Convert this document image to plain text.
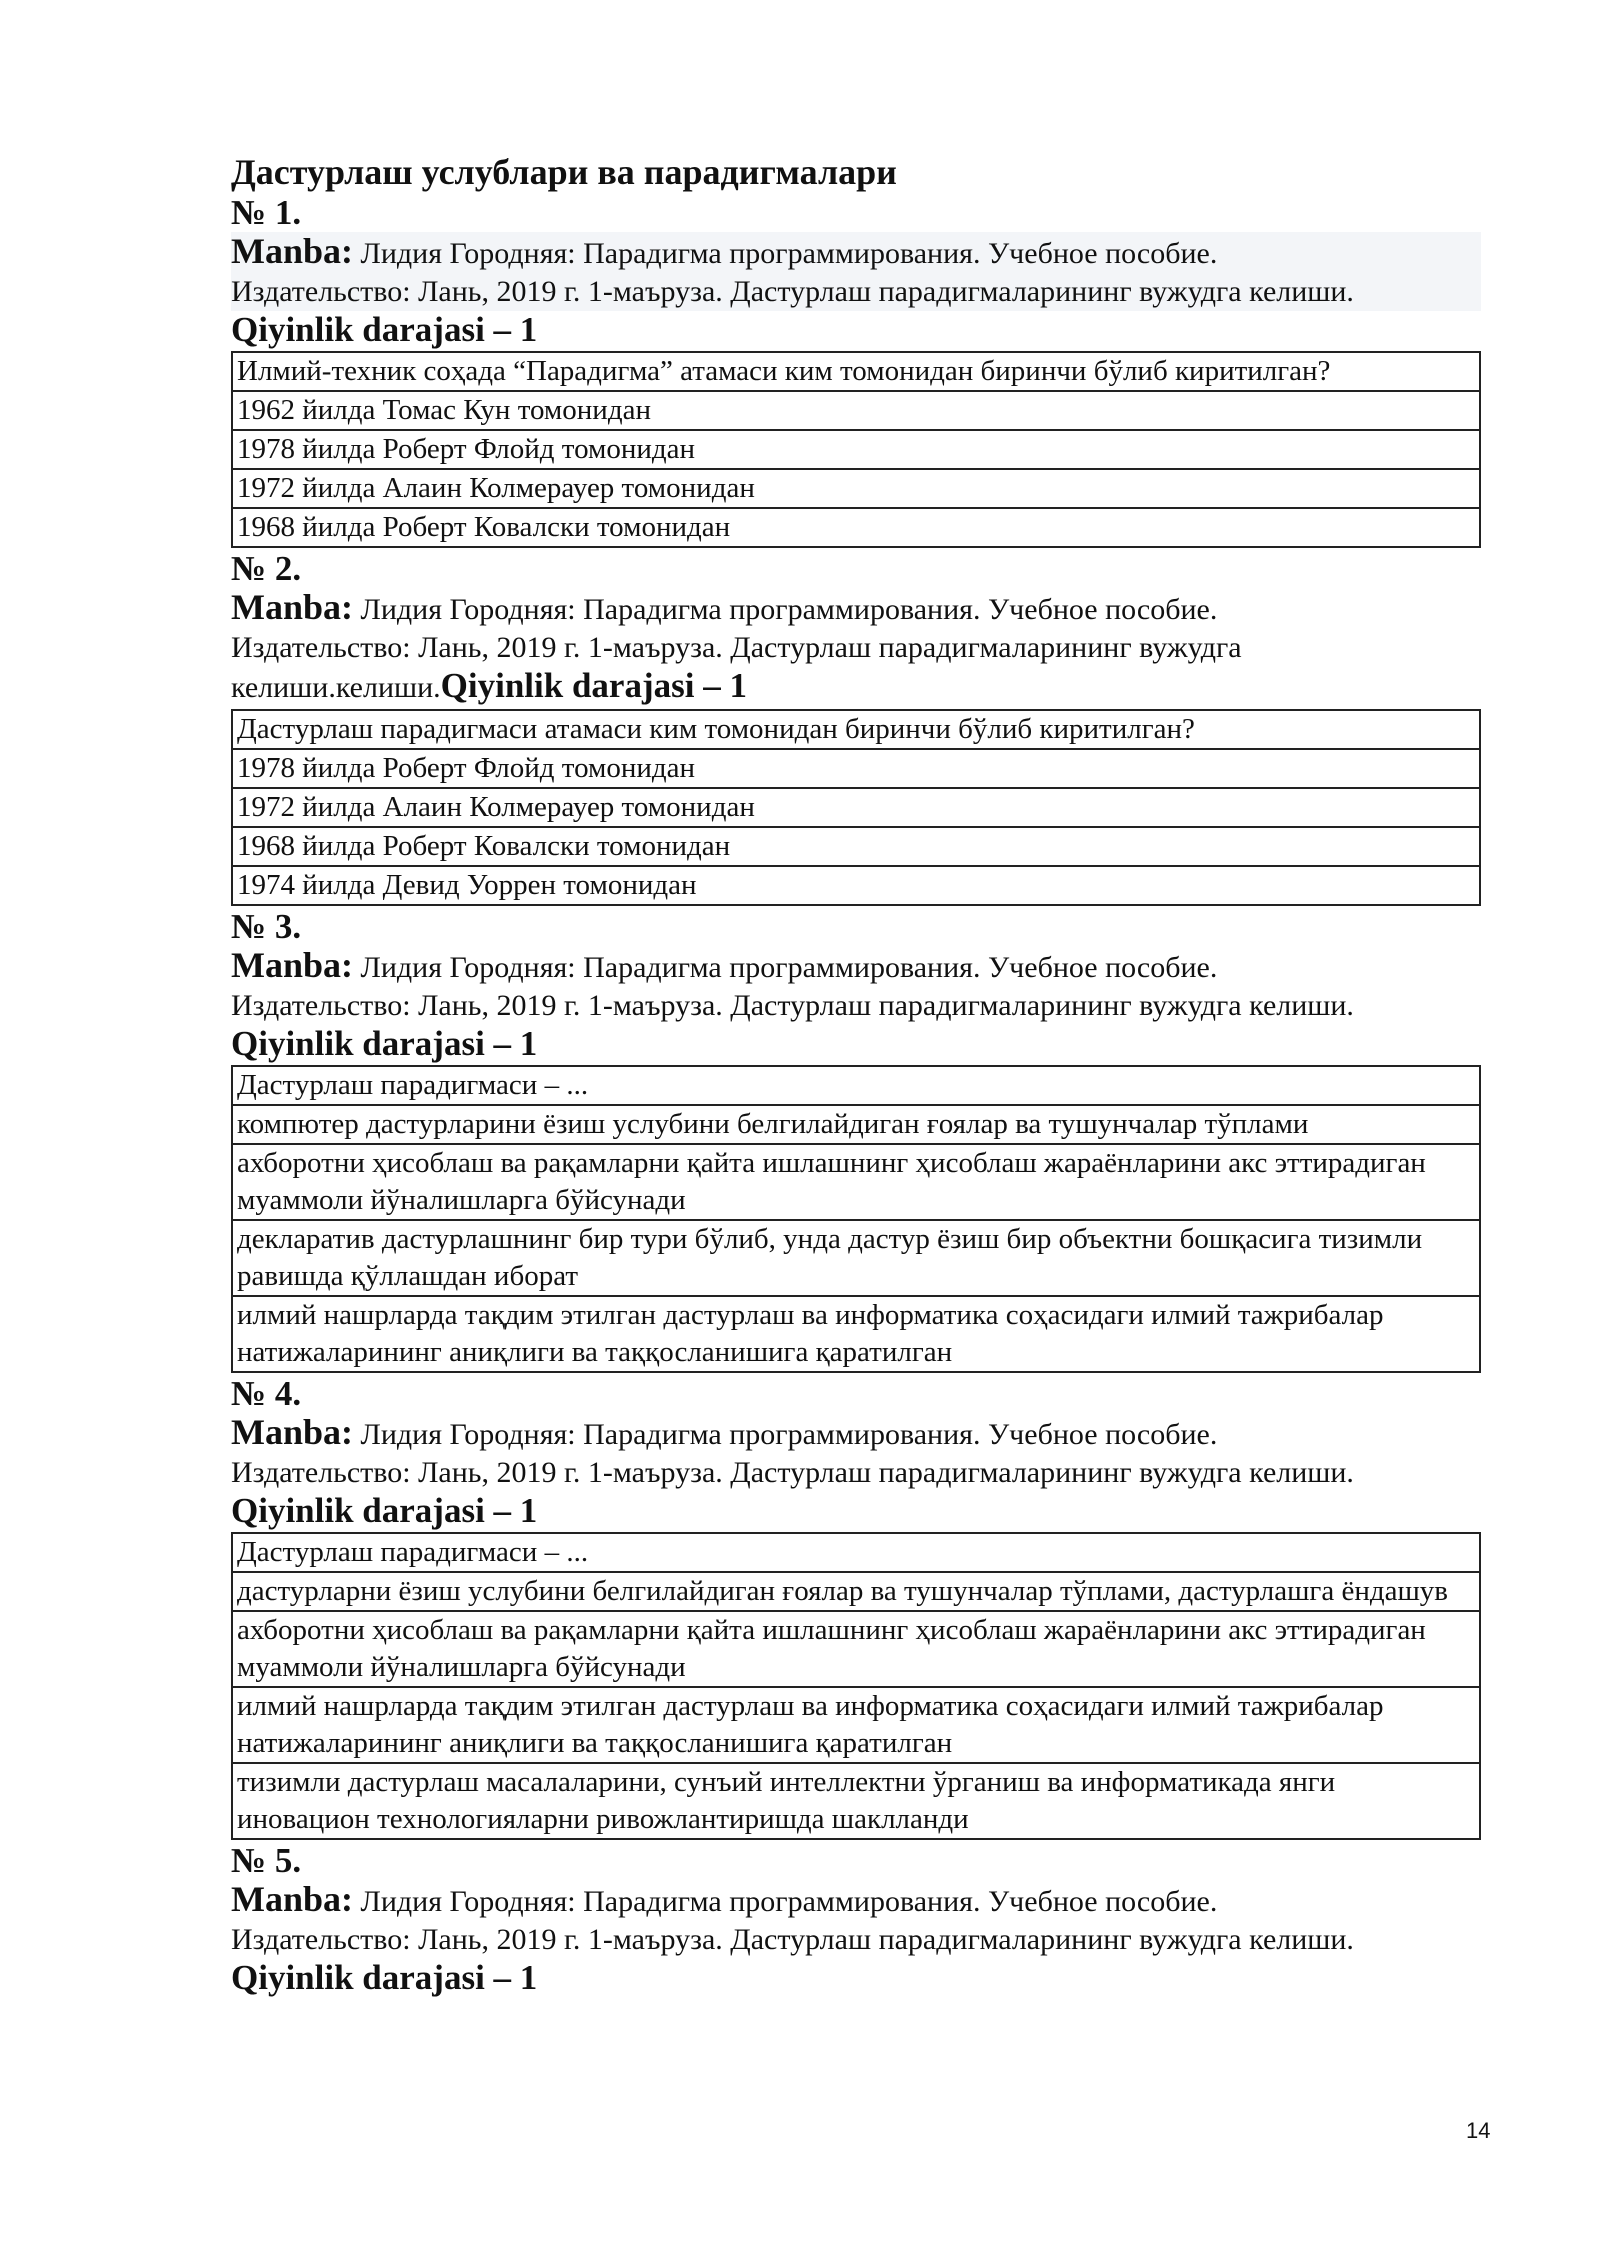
Дастурлаш услублари ва парадигмалари

№ 1.

Manba: Лидия Городняя: Парадигма программирования. Учебное пособие.

Издательство: Лань, 2019 г. 1-маъруза. Дастурлаш парадигмаларининг вужудга келиши.

Qiyinlik darajasi – 1

Илмий-техник соҳада “Парадигма” атамаси ким томонидан биринчи бўлиб киритилган?
1962 йилда Томас Кун томонидан
1978 йилда Роберт Флойд томонидан
1972 йилда Алаин Колмерауер томонидан
1968 йилда Роберт Ковалски томонидан

№ 2.

Manba: Лидия Городняя: Парадигма программирования. Учебное пособие.

Издательство: Лань, 2019 г. 1-маъруза. Дастурлаш парадигмаларининг вужудга

келиши.келиши.Qiyinlik darajasi – 1

Дастурлаш парадигмаси атамаси ким томонидан биринчи бўлиб киритилган?
1978 йилда Роберт Флойд томонидан
1972 йилда Алаин Колмерауер томонидан
1968 йилда Роберт Ковалски томонидан
1974 йилда Девид Уоррен томонидан

№ 3.

Manba: Лидия Городняя: Парадигма программирования. Учебное пособие.

Издательство: Лань, 2019 г. 1-маъруза. Дастурлаш парадигмаларининг вужудга келиши.

Qiyinlik darajasi – 1

Дастурлаш парадигмаси – ...
компютер дастурларини ёзиш услубини белгилайдиган ғоялар ва тушунчалар тўплами
ахборотни ҳисоблаш ва рақамларни қайта ишлашнинг ҳисоблаш жараёнларини акс эттирадиган муаммоли йўналишларга бўйсунади
декларатив дастурлашнинг бир тури бўлиб, унда дастур ёзиш бир объектни бошқасига тизимли равишда қўллашдан иборат
илмий нашрларда тақдим этилган дастурлаш ва информатика соҳасидаги илмий тажрибалар натижаларининг аниқлиги ва таққосланишига қаратилган

№ 4.

Manba: Лидия Городняя: Парадигма программирования. Учебное пособие.

Издательство: Лань, 2019 г. 1-маъруза. Дастурлаш парадигмаларининг вужудга келиши.

Qiyinlik darajasi – 1

Дастурлаш парадигмаси – ...
дастурларни ёзиш услубини белгилайдиган ғоялар ва тушунчалар тўплами, дастурлашга ёндашув
ахборотни ҳисоблаш ва рақамларни қайта ишлашнинг ҳисоблаш жараёнларини акс эттирадиган муаммоли йўналишларга бўйсунади
илмий нашрларда тақдим этилган дастурлаш ва информатика соҳасидаги илмий тажрибалар натижаларининг аниқлиги ва таққосланишига қаратилган
тизимли дастурлаш масалаларини, сунъий интеллектни ўрганиш ва информатикада янги иновацион технологияларни ривожлантиришда шаклланди

№ 5.

Manba: Лидия Городняя: Парадигма программирования. Учебное пособие.

Издательство: Лань, 2019 г. 1-маъруза. Дастурлаш парадигмаларининг вужудга келиши.

Qiyinlik darajasi – 1

14
